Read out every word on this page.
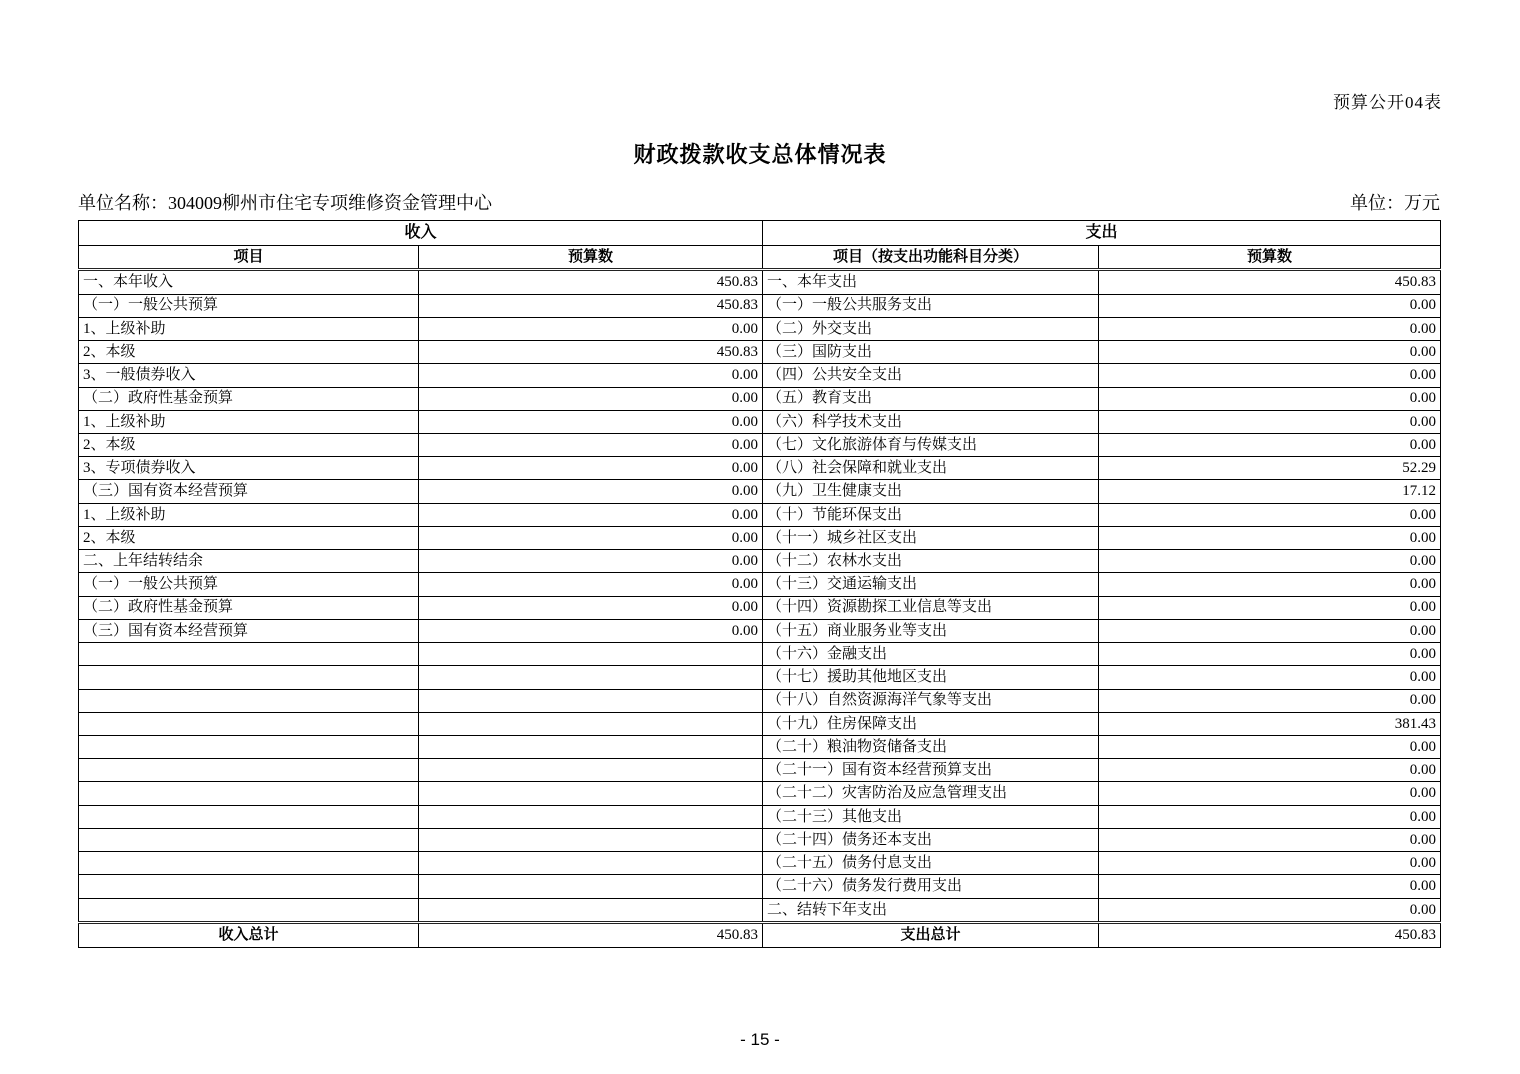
预算公开04表
财政拨款收支总体情况表
单位名称：304009柳州市住宅专项维修资金管理中心	单位：万元
收入		支出	
项目	预算数	项目（按支出功能科目分类）	预算数
一、本年收入	450.83	一、本年支出	450.83
（一）一般公共预算	450.83	（一）一般公共服务支出	0.00
1、上级补助	0.00	（二）外交支出	0.00
2、本级	450.83	（三）国防支出	0.00
3、一般债券收入	0.00	（四）公共安全支出	0.00
（二）政府性基金预算	0.00	（五）教育支出	0.00
1、上级补助	0.00	（六）科学技术支出	0.00
2、本级	0.00	（七）文化旅游体育与传媒支出	0.00
3、专项债券收入	0.00	（八）社会保障和就业支出	52.29
（三）国有资本经营预算	0.00	（九）卫生健康支出	17.12
1、上级补助	0.00	（十）节能环保支出	0.00
2、本级	0.00	（十一）城乡社区支出	0.00
二、上年结转结余	0.00	（十二）农林水支出	0.00
（一）一般公共预算	0.00	（十三）交通运输支出	0.00
（二）政府性基金预算	0.00	（十四）资源勘探工业信息等支出	0.00
（三）国有资本经营预算	0.00	（十五）商业服务业等支出	0.00
		（十六）金融支出	0.00
		（十七）援助其他地区支出	0.00
		（十八）自然资源海洋气象等支出	0.00
		（十九）住房保障支出	381.43
		（二十）粮油物资储备支出	0.00
		（二十一）国有资本经营预算支出	0.00
		（二十二）灾害防治及应急管理支出	0.00
		（二十三）其他支出	0.00
		（二十四）债务还本支出	0.00
		（二十五）债务付息支出	0.00
		（二十六）债务发行费用支出	0.00
		二、结转下年支出	0.00
收入总计	450.83	支出总计	450.83
- 15 -
